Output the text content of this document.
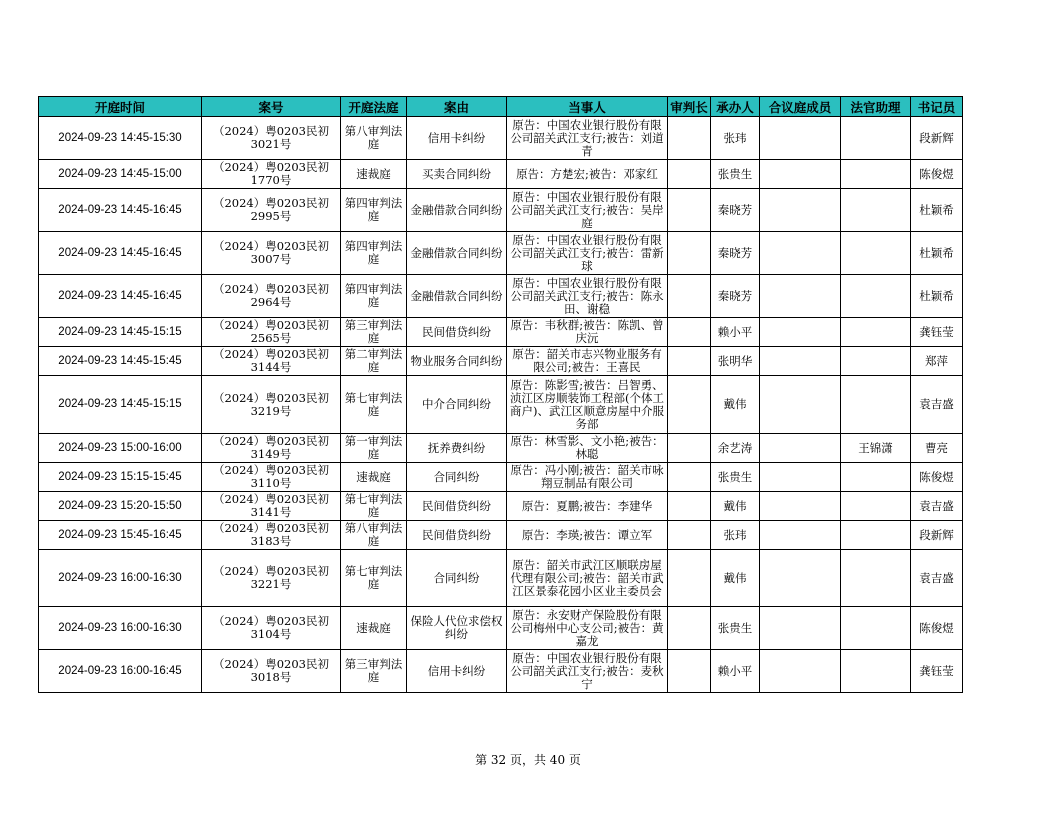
开庭时间	案号	开庭法庭	案由	当事人	审判长	承办人	合议庭成员	法官助理	书记员
2024-09-23 14:45-15:30	（2024）粤0203民初3021号	第八审判法庭	信用卡纠纷	原告：中国农业银行股份有限公司韶关武江支行;被告：刘道青		张玮			段新辉
2024-09-23 14:45-15:00	（2024）粤0203民初1770号	速裁庭	买卖合同纠纷	原告：方楚宏;被告：邓家红		张贵生			陈俊煜
2024-09-23 14:45-16:45	（2024）粤0203民初2995号	第四审判法庭	金融借款合同纠纷	原告：中国农业银行股份有限公司韶关武江支行;被告：吴岸庭		秦晓芳			杜颖希
2024-09-23 14:45-16:45	（2024）粤0203民初3007号	第四审判法庭	金融借款合同纠纷	原告：中国农业银行股份有限公司韶关武江支行;被告：雷新球		秦晓芳			杜颖希
2024-09-23 14:45-16:45	（2024）粤0203民初2964号	第四审判法庭	金融借款合同纠纷	原告：中国农业银行股份有限公司韶关武江支行;被告：陈永田、谢稳		秦晓芳			杜颖希
2024-09-23 14:45-15:15	（2024）粤0203民初2565号	第三审判法庭	民间借贷纠纷	原告：韦秋群;被告：陈凯、曾庆沅		赖小平			龚钰莹
2024-09-23 14:45-15:45	（2024）粤0203民初3144号	第二审判法庭	物业服务合同纠纷	原告：韶关市志兴物业服务有限公司;被告：王喜民		张明华			郑萍
2024-09-23 14:45-15:15	（2024）粤0203民初3219号	第七审判法庭	中介合同纠纷	原告：陈影雪;被告：吕智勇、浈江区房顺装饰工程部(个体工商户)、武江区顺意房屋中介服务部		戴伟			袁吉盛
2024-09-23 15:00-16:00	（2024）粤0203民初3149号	第一审判法庭	抚养费纠纷	原告：林雪影、文小艳;被告：林聪		余艺涛		王锦潇	曹亮
2024-09-23 15:15-15:45	（2024）粤0203民初3110号	速裁庭	合同纠纷	原告：冯小刚;被告：韶关市咏翔豆制品有限公司		张贵生			陈俊煜
2024-09-23 15:20-15:50	（2024）粤0203民初3141号	第七审判法庭	民间借贷纠纷	原告：夏鹏;被告：李建华		戴伟			袁吉盛
2024-09-23 15:45-16:45	（2024）粤0203民初3183号	第八审判法庭	民间借贷纠纷	原告：李瑛;被告：谭立军		张玮			段新辉
2024-09-23 16:00-16:30	（2024）粤0203民初3221号	第七审判法庭	合同纠纷	原告：韶关市武江区顺联房屋代理有限公司;被告：韶关市武江区景泰花园小区业主委员会		戴伟			袁吉盛
2024-09-23 16:00-16:30	（2024）粤0203民初3104号	速裁庭	保险人代位求偿权纠纷	原告：永安财产保险股份有限公司梅州中心支公司;被告：黄嘉龙		张贵生			陈俊煜
2024-09-23 16:00-16:45	（2024）粤0203民初3018号	第三审判法庭	信用卡纠纷	原告：中国农业银行股份有限公司韶关武江支行;被告：麦秋宁		赖小平			龚钰莹
第 32 页，共 40 页
